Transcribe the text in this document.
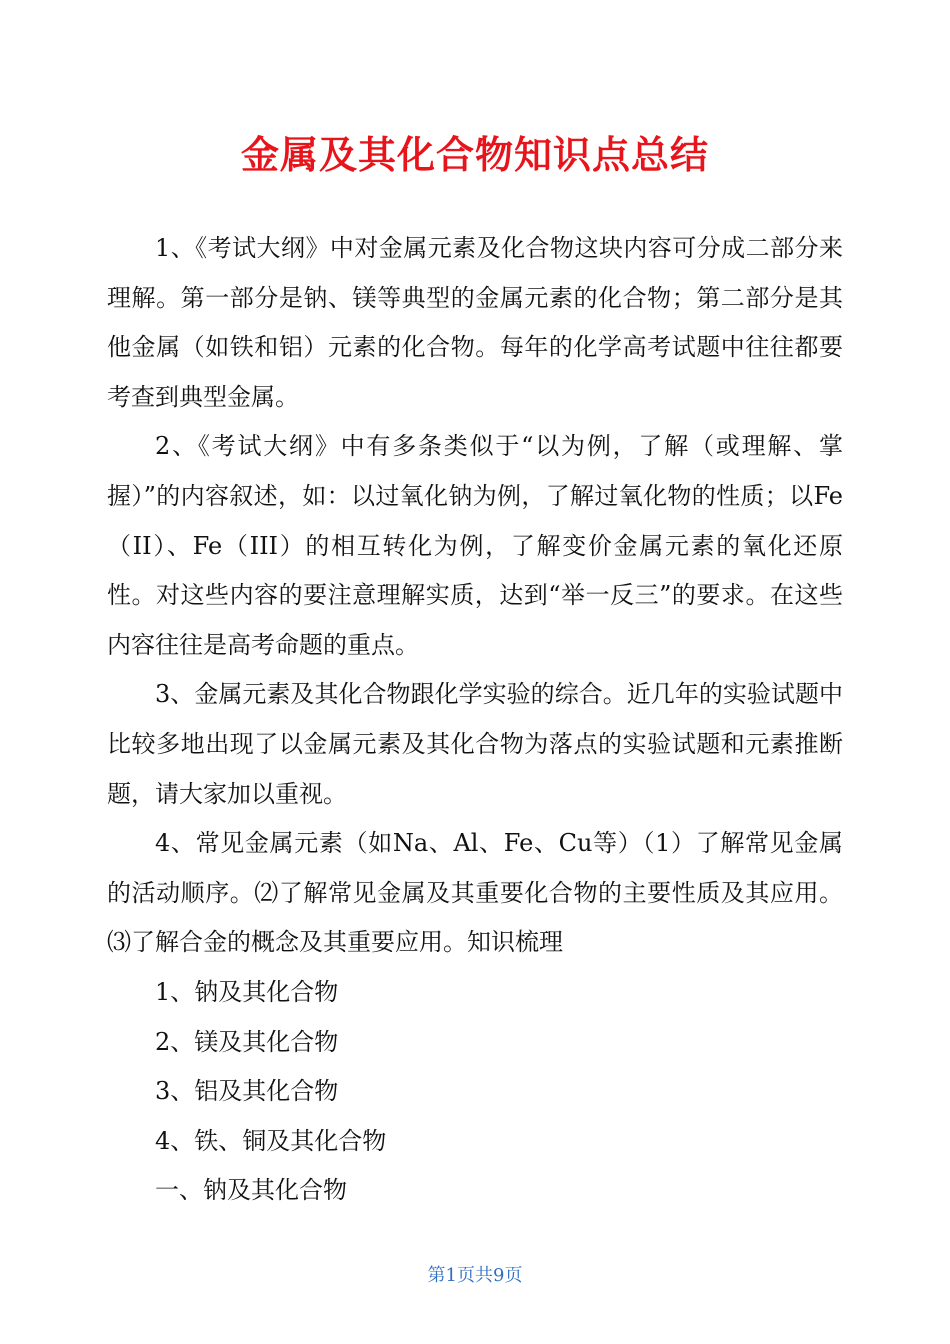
金属及其化合物知识点总结

1、《考试大纲》中对金属元素及化合物这块内容可分成二部分来理解。第一部分是钠、镁等典型的金属元素的化合物；第二部分是其他金属（如铁和铝）元素的化合物。每年的化学高考试题中往往都要考查到典型金属。

2、《考试大纲》中有多条类似于“以为例，了解（或理解、掌握）”的内容叙述，如：以过氧化钠为例，了解过氧化物的性质；以Fe（II）、Fe（III）的相互转化为例，了解变价金属元素的氧化还原性。对这些内容的要注意理解实质，达到“举一反三”的要求。在这些内容往往是高考命题的重点。

3、金属元素及其化合物跟化学实验的综合。近几年的实验试题中比较多地出现了以金属元素及其化合物为落点的实验试题和元素推断题，请大家加以重视。

4、常见金属元素（如Na、Al、Fe、Cu等）（1）了解常见金属的活动顺序。⑵了解常见金属及其重要化合物的主要性质及其应用。⑶了解合金的概念及其重要应用。知识梳理

1、钠及其化合物

2、镁及其化合物

3、铝及其化合物

4、铁、铜及其化合物

一、钠及其化合物

第1页共9页
